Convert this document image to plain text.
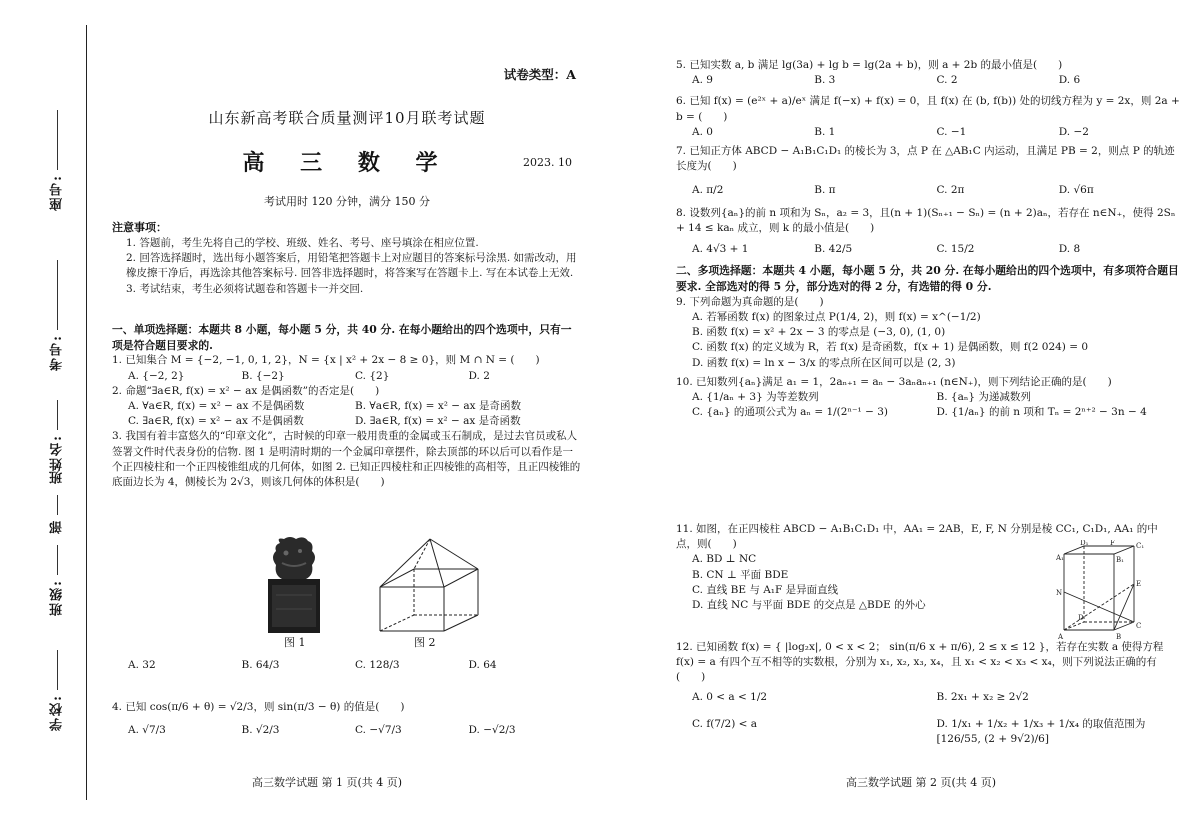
座号:
考号:
姓名:
班
部
班级:
学校:
试卷类型：A
山东新高考联合质量测评10月联考试题
高 三 数 学	2023. 10
考试用时 120 分钟，满分 150 分
注意事项：
1. 答题前，考生先将自己的学校、班级、姓名、考号、座号填涂在相应位置.
2. 回答选择题时，选出每小题答案后，用铅笔把答题卡上对应题目的答案标号涂黑. 如需改动，用橡皮擦干净后，再选涂其他答案标号. 回答非选择题时，将答案写在答题卡上. 写在本试卷上无效.
3. 考试结束，考生必须将试题卷和答题卡一并交回.
一、单项选择题：本题共 8 小题，每小题 5 分，共 40 分. 在每小题给出的四个选项中，只有一项是符合题目要求的.
1. 已知集合 M = {−2, −1, 0, 1, 2}，N = {x | x² + 2x − 8 ≥ 0}，则 M ∩ N = (　　)
A. {−2, 2}	B. {−2}	C. {2}	D. 2
2. 命题“∃a∈R, f(x) = x² − ax 是偶函数”的否定是(　　)
A. ∀a∈R, f(x) = x² − ax 不是偶函数	B. ∀a∈R, f(x) = x² − ax 是奇函数
C. ∃a∈R, f(x) = x² − ax 不是偶函数	D. ∃a∈R, f(x) = x² − ax 是奇函数
3. 我国有着丰富悠久的“印章文化”，古时候的印章一般用贵重的金属或玉石制成，是过去官员或私人签署文件时代表身份的信物. 图 1 是明清时期的一个金属印章摆件，除去顶部的环以后可以看作是一个正四棱柱和一个正四棱锥组成的几何体，如图 2. 已知正四棱柱和正四棱锥的高相等，且正四棱锥的底面边长为 4，侧棱长为 2√3，则该几何体的体积是(　　)
图 1	图 2
A. 32	B. 64/3	C. 128/3	D. 64
4. 已知 cos(π/6 + θ) = √2/3，则 sin(π/3 − θ) 的值是(　　)
A. √7/3	B. √2/3	C. −√7/3	D. −√2/3
高三数学试题 第 1 页(共 4 页)
5. 已知实数 a, b 满足 lg(3a) + lg b = lg(2a + b)，则 a + 2b 的最小值是(　　)
A. 9	B. 3	C. 2	D. 6
6. 已知 f(x) = (e²ˣ + a)/eˣ 满足 f(−x) + f(x) = 0，且 f(x) 在 (b, f(b)) 处的切线方程为 y = 2x，则 2a + b = (　　)
A. 0	B. 1	C. −1	D. −2
7. 已知正方体 ABCD − A₁B₁C₁D₁ 的棱长为 3，点 P 在 △AB₁C 内运动，且满足 PB = 2，则点 P 的轨迹长度为(　　)
A. π/2	B. π	C. 2π	D. √6π
8. 设数列{aₙ}的前 n 项和为 Sₙ，a₂ = 3，且(n + 1)(Sₙ₊₁ − Sₙ) = (n + 2)aₙ，若存在 n∈N₊，使得 2Sₙ + 14 ≤ kaₙ 成立，则 k 的最小值是(　　)
A. 4√3 + 1	B. 42/5	C. 15/2	D. 8
二、多项选择题：本题共 4 小题，每小题 5 分，共 20 分. 在每小题给出的四个选项中，有多项符合题目要求. 全部选对的得 5 分，部分选对的得 2 分，有选错的得 0 分.
9. 下列命题为真命题的是(　　)
A. 若幂函数 f(x) 的图象过点 P(1/4, 2)，则 f(x) = x^(−1/2)
B. 函数 f(x) = x² + 2x − 3 的零点是 (−3, 0), (1, 0)
C. 函数 f(x) 的定义域为 R，若 f(x) 是奇函数，f(x + 1) 是偶函数，则 f(2 024) = 0
D. 函数 f(x) = ln x − 3/x 的零点所在区间可以是 (2, 3)
10. 已知数列{aₙ}满足 a₁ = 1，2aₙ₊₁ = aₙ − 3aₙaₙ₊₁ (n∈N₊)，则下列结论正确的是(　　)
A. {1/aₙ + 3} 为等差数列	B. {aₙ} 为递减数列
C. {aₙ} 的通项公式为 aₙ = 1/(2ⁿ⁻¹ − 3)	D. {1/aₙ} 的前 n 项和 Tₙ = 2ⁿ⁺² − 3n − 4
11. 如图，在正四棱柱 ABCD − A₁B₁C₁D₁ 中，AA₁ = 2AB，E, F, N 分别是棱 CC₁, C₁D₁, AA₁ 的中点，则(　　)
A. BD ⊥ NC
B. CN ⊥ 平面 BDE
C. 直线 BE 与 A₁F 是异面直线
D. 直线 NC 与平面 BDE 的交点是 △BDE 的外心
A₁
D₁	F	C₁
B₁
N
E
A	B
C
D
12. 已知函数 f(x) = { |log₂x|, 0 < x < 2； sin(π/6 x + π/6), 2 ≤ x ≤ 12 }，若存在实数 a 使得方程 f(x) = a 有四个互不相等的实数根，分别为 x₁, x₂, x₃, x₄，且 x₁ < x₂ < x₃ < x₄，则下列说法正确的有(　　)
A. 0 < a < 1/2	B. 2x₁ + x₂ ≥ 2√2
C. f(7/2) < a	D. 1/x₁ + 1/x₂ + 1/x₃ + 1/x₄ 的取值范围为 [126/55, (2 + 9√2)/6]
高三数学试题 第 2 页(共 4 页)
